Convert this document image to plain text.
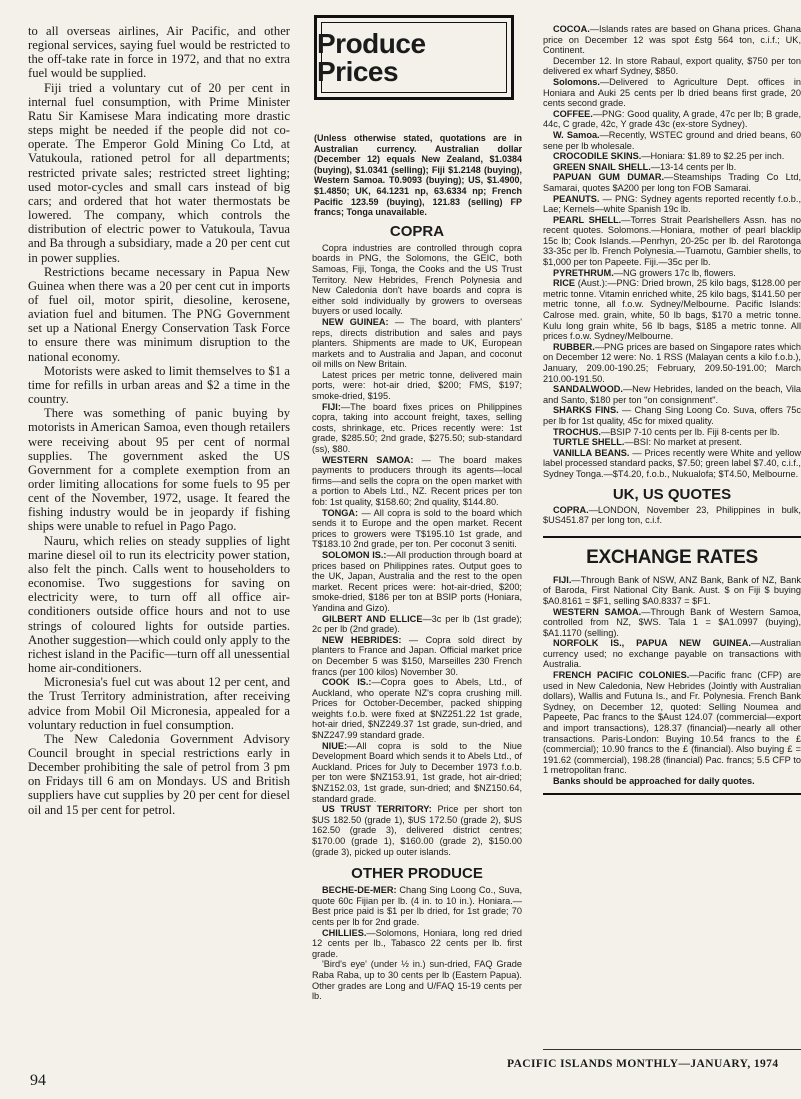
to all overseas airlines, Air Pacific, and other regional services, saying fuel would be restricted to the off-take rate in force in 1972, and that no extra fuel would be supplied.

Fiji tried a voluntary cut of 20 per cent in internal fuel consumption, with Prime Minister Ratu Sir Kamisese Mara indicating more drastic steps might be needed if the people did not co-operate. The Emperor Gold Mining Co Ltd, at Vatukoula, rationed petrol for all departments; restricted private sales; restricted street lighting; used motor-cycles and small cars instead of big cars; and ordered that hot water thermostats be lowered. The company, which controls the distribution of electric power to Vatukoula, Tavua and Ba through a subsidiary, made a 20 per cent cut in power supplies.

Restrictions became necessary in Papua New Guinea when there was a 20 per cent cut in imports of fuel oil, motor spirit, diesoline, kerosene, aviation fuel and bitumen. The PNG Government set up a National Energy Conservation Task Force to ensure there was minimum disruption to the national economy.

Motorists were asked to limit themselves to $1 a time for refills in urban areas and $2 a time in the country.

There was something of panic buying by motorists in American Samoa, even though retailers were receiving about 95 per cent of normal supplies. The government asked the US Government for a complete exemption from an order limiting allocations for some fuels to 95 per cent of the November, 1972, usage. It feared the fishing industry would be in jeopardy if fishing ships were unable to refuel in Pago Pago.

Nauru, which relies on steady supplies of light marine diesel oil to run its electricity power station, also felt the pinch. Calls went to householders to economise. Two suggestions for saving on electricity were, to turn off all office air-conditioners outside office hours and not to use strings of coloured lights for outside parties. Another suggestion—which could only apply to the richest island in the Pacific—turn off all unessential home air-conditioners.

Micronesia's fuel cut was about 12 per cent, and the Trust Territory administration, after receiving advice from Mobil Oil Micronesia, appealed for a voluntary reduction in fuel consumption.

The New Caledonia Government Advisory Council brought in special restrictions early in December prohibiting the sale of petrol from 3 pm on Fridays till 6 am on Mondays. US and British suppliers have cut supplies by 20 per cent for diesel oil and 15 per cent for petrol.

Produce Prices

(Unless otherwise stated, quotations are in Australian currency. Australian dollar (December 12) equals New Zealand, $1.0384 (buying), $1.0341 (selling); Fiji $1.2148 (buying), Western Samoa. T0.9093 (buying); US, $1.4900, $1.4850; UK, 64.1231 np, 63.6334 np; French Pacific 123.59 (buying), 121.83 (selling) FP francs; Tonga unavailable.

COPRA

Copra industries are controlled through copra boards in PNG, the Solomons, the GEIC, both Samoas, Fiji, Tonga, the Cooks and the US Trust Territory. New Hebrides, French Polynesia and New Caledonia don't have boards and copra is either sold individually by growers to overseas buyers or used locally.

NEW GUINEA: — The board, with planters' reps, directs distribution and sales and pays planters. Shipments are made to UK, European markets and to Australia and Japan, and coconut oil mills on New Britain.

Latest prices per metric tonne, delivered main ports, were: hot-air dried, $200; FMS, $197; smoke-dried, $195.

FIJI:—The board fixes prices on Philippines copra, taking into account freight, taxes, selling costs, shrinkage, etc. Prices recently were: 1st grade, $285.50; 2nd grade, $275.50; sub-standard (ss), $80.

WESTERN SAMOA: — The board makes payments to producers through its agents—local firms—and sells the copra on the open market with a portion to Abels Ltd., NZ. Recent prices per ton fob: 1st quality, $158.60; 2nd quality, $144.80.

TONGA: — All copra is sold to the board which sends it to Europe and the open market. Recent prices to growers were T$195.10 1st grade, and T$183.10 2nd grade, per ton. Per coconut 3 seniti.

SOLOMON IS.:—All production through board at prices based on Philippines rates. Output goes to the UK, Japan, Australia and the rest to the open market. Recent prices were: hot-air-dried, $200; smoke-dried, $186 per ton at BSIP ports (Honiara, Yandina and Gizo).

GILBERT AND ELLICE—3c per lb (1st grade); 2c per lb (2nd grade).

NEW HEBRIDES: — Copra sold direct by planters to France and Japan. Official market price on December 5 was $150, Marseilles 230 French francs (per 100 kilos) November 30.

COOK IS.:—Copra goes to Abels, Ltd., of Auckland, who operate NZ's copra crushing mill. Prices for October-December, packed shipping weights f.o.b. were fixed at $NZ251.22 1st grade, hot-air dried, $NZ249.37 1st grade, sun-dried, and $NZ247.99 standard grade.

NIUE:—All copra is sold to the Niue Development Board which sends it to Abels Ltd., of Auckland. Prices for July to December 1973 f.o.b. per ton were $NZ153.91, 1st grade, hot air-dried; $NZ152.03, 1st grade, sun-dried; and $NZ150.64, standard grade.

US TRUST TERRITORY: Price per short ton $US 182.50 (grade 1), $US 172.50 (grade 2), $US 162.50 (grade 3), delivered district centres; $170.00 (grade 1), $160.00 (grade 2), $150.00 (grade 3), picked up outer islands.

OTHER PRODUCE

BECHE-DE-MER: Chang Sing Loong Co., Suva, quote 60c Fijian per lb. (4 in. to 10 in.). Honiara.—Best price paid is $1 per lb dried, for 1st grade; 70 cents per lb for 2nd grade.

CHILLIES.—Solomons, Honiara, long red dried 12 cents per lb., Tabasco 22 cents per lb. first grade.

'Bird's eye' (under ½ in.) sun-dried, FAQ Grade Raba Raba, up to 30 cents per lb (Eastern Papua). Other grades are Long and U/FAQ 15-19 cents per lb.

COCOA.—Islands rates are based on Ghana prices. Ghana price on December 12 was spot £stg 564 ton, c.i.f.; UK, Continent.

December 12. In store Rabaul, export quality, $750 per ton delivered ex wharf Sydney, $850.

Solomons.—Delivered to Agriculture Dept. offices in Honiara and Auki 25 cents per lb dried beans first grade, 20 cents second grade.

COFFEE.—PNG: Good quality, A grade, 47c per lb; B grade, 44c, C grade, 42c, Y grade 43c (ex-store Sydney).

W. Samoa.—Recently, WSTEC ground and dried beans, 60 sene per lb wholesale.

CROCODILE SKINS.—Honiara: $1.89 to $2.25 per inch.

GREEN SNAIL SHELL.—13-14 cents per lb.

PAPUAN GUM DUMAR.—Steamships Trading Co Ltd, Samarai, quotes $A200 per long ton FOB Samarai.

PEANUTS. — PNG: Sydney agents reported recently f.o.b., Lae; Kernels—white Spanish 19c lb.

PEARL SHELL.—Torres Strait Pearlshellers Assn. has no recent quotes. Solomons.—Honiara, mother of pearl blacklip 15c lb; Cook Islands.—Penrhyn, 20-25c per lb. del Rarotonga 33-35c per lb. French Polynesia.—Tuamotu, Gambier shells, to $1,000 per ton Papeete. Fiji.—35c per lb.

PYRETHRUM.—NG growers 17c lb, flowers.

RICE (Aust.):—PNG: Dried brown, 25 kilo bags, $128.00 per metric tonne. Vitamin enriched white, 25 kilo bags, $141.50 per metric tonne, all f.o.w. Sydney/Melbourne. Pacific Islands: Calrose med. grain, white, 50 lb bags, $170 a metric tonne. Kulu long grain white, 56 lb bags, $185 a metric tonne. All prices f.o.w. Sydney/Melbourne.

RUBBER.—PNG prices are based on Singapore rates which on December 12 were: No. 1 RSS (Malayan cents a kilo f.o.b.), January, 209.00-190.25; February, 209.50-191.00; March 210.00-191.50.

SANDALWOOD.—New Hebrides, landed on the beach, Vila and Santo, $180 per ton "on consignment".

SHARKS FINS. — Chang Sing Loong Co. Suva, offers 75c per lb for 1st quality, 45c for mixed quality.

TROCHUS.—BSIP 7-10 cents per lb. Fiji 8-cents per lb.

TURTLE SHELL.—BSI: No market at present.

VANILLA BEANS. — Prices recently were White and yellow label processed standard packs, $7.50; green label $7.40, c.i.f., Sydney Tonga.—$T4.20, f.o.b., Nukualofa; $T4.50, Melbourne.

UK, US QUOTES

COPRA.—LONDON, November 23, Philippines in bulk, $US451.87 per long ton, c.i.f.

EXCHANGE RATES

FIJI.—Through Bank of NSW, ANZ Bank, Bank of NZ, Bank of Baroda, First National City Bank. Aust. $ on Fiji $ buying $A0.8161 = $F1, selling $A0.8337 = $F1.

WESTERN SAMOA.—Through Bank of Western Samoa, controlled from NZ, $WS. Tala 1 = $A1.0997 (buying), $A1.1170 (selling).

NORFOLK IS., PAPUA NEW GUINEA.—Australian currency used; no exchange payable on transactions with Australia.

FRENCH PACIFIC COLONIES.—Pacific franc (CFP) are used in New Caledonia, New Hebrides (Jointly with Australian dollars), Wallis and Futuna Is., and Fr. Polynesia. French Bank Sydney, on December 12, quoted: Selling Noumea and Papeete, Pac francs to the $Aust 124.07 (commercial—export and import transactions), 128.37 (financial)—nearly all other transactions. Paris-London: Buying 10.54 francs to the £ (commercial); 10.90 francs to the £ (financial). Also buying £ = 191.62 (commercial), 198.28 (financial) Pac. francs; 5.5 CFP to 1 metropolitan franc.

Banks should be approached for daily quotes.

94
PACIFIC ISLANDS MONTHLY—JANUARY, 1974
